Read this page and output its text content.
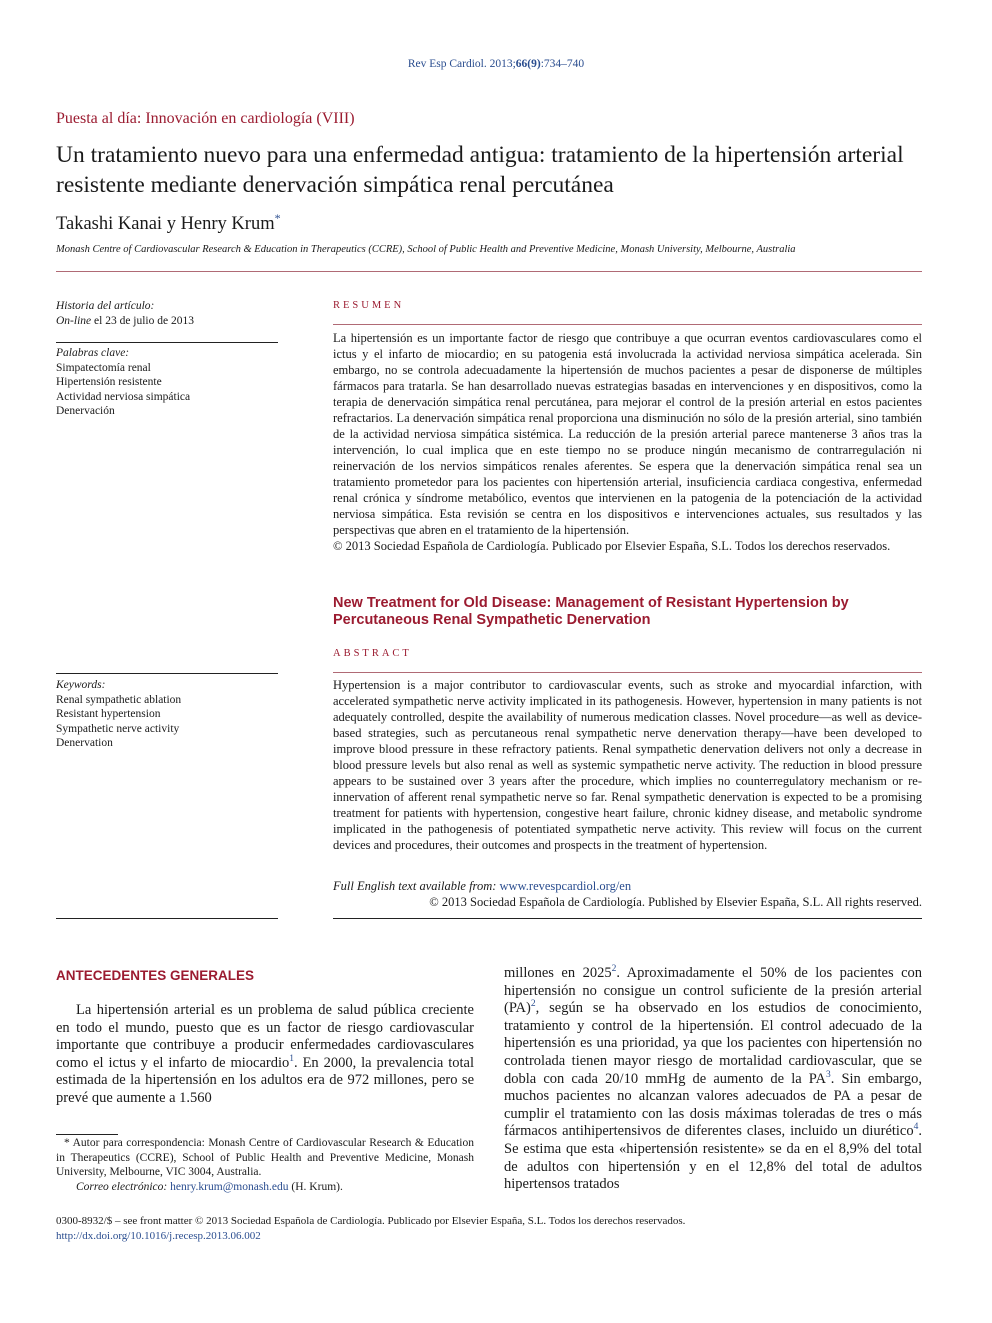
Rev Esp Cardiol. 2013;66(9):734–740
Puesta al día: Innovación en cardiología (VIII)
Un tratamiento nuevo para una enfermedad antigua: tratamiento de la hipertensión arterial resistente mediante denervación simpática renal percutánea
Takashi Kanai y Henry Krum*
Monash Centre of Cardiovascular Research & Education in Therapeutics (CCRE), School of Public Health and Preventive Medicine, Monash University, Melbourne, Australia
Historia del artículo:
On-line el 23 de julio de 2013
Palabras clave:
Simpatectomía renal
Hipertensión resistente
Actividad nerviosa simpática
Denervación
Keywords:
Renal sympathetic ablation
Resistant hypertension
Sympathetic nerve activity
Denervation
RESUMEN
La hipertensión es un importante factor de riesgo que contribuye a que ocurran eventos cardiovasculares como el ictus y el infarto de miocardio; en su patogenia está involucrada la actividad nerviosa simpática acelerada. Sin embargo, no se controla adecuadamente la hipertensión de muchos pacientes a pesar de disponerse de múltiples fármacos para tratarla. Se han desarrollado nuevas estrategias basadas en intervenciones y en dispositivos, como la terapia de denervación simpática renal percutánea, para mejorar el control de la presión arterial en estos pacientes refractarios. La denervación simpática renal proporciona una disminución no sólo de la presión arterial, sino también de la actividad nerviosa simpática sistémica. La reducción de la presión arterial parece mantenerse 3 años tras la intervención, lo cual implica que en este tiempo no se produce ningún mecanismo de contrarregulación ni reinervación de los nervios simpáticos renales aferentes. Se espera que la denervación simpática renal sea un tratamiento prometedor para los pacientes con hipertensión arterial, insuficiencia cardiaca congestiva, enfermedad renal crónica y síndrome metabólico, eventos que intervienen en la patogenia de la potenciación de la actividad nerviosa simpática. Esta revisión se centra en los dispositivos e intervenciones actuales, sus resultados y las perspectivas que abren en el tratamiento de la hipertensión.
© 2013 Sociedad Española de Cardiología. Publicado por Elsevier España, S.L. Todos los derechos reservados.
New Treatment for Old Disease: Management of Resistant Hypertension by Percutaneous Renal Sympathetic Denervation
ABSTRACT
Hypertension is a major contributor to cardiovascular events, such as stroke and myocardial infarction, with accelerated sympathetic nerve activity implicated in its pathogenesis. However, hypertension in many patients is not adequately controlled, despite the availability of numerous medication classes. Novel procedure—as well as device-based strategies, such as percutaneous renal sympathetic nerve denervation therapy—have been developed to improve blood pressure in these refractory patients. Renal sympathetic denervation delivers not only a decrease in blood pressure levels but also renal as well as systemic sympathetic nerve activity. The reduction in blood pressure appears to be sustained over 3 years after the procedure, which implies no counterregulatory mechanism or re-innervation of afferent renal sympathetic nerve so far. Renal sympathetic denervation is expected to be a promising treatment for patients with hypertension, congestive heart failure, chronic kidney disease, and metabolic syndrome implicated in the pathogenesis of potentiated sympathetic nerve activity. This review will focus on the current devices and procedures, their outcomes and prospects in the treatment of hypertension.
Full English text available from: www.revespcardiol.org/en
© 2013 Sociedad Española de Cardiología. Published by Elsevier España, S.L. All rights reserved.
ANTECEDENTES GENERALES

La hipertensión arterial es un problema de salud pública creciente en todo el mundo, puesto que es un factor de riesgo cardiovascular importante que contribuye a producir enfermedades cardiovasculares como el ictus y el infarto de miocardio$^1$. En 2000, la prevalencia total estimada de la hipertensión en los adultos era de 972 millones, pero se prevé que aumente a 1.560

millones en 2025$^2$. Aproximadamente el 50% de los pacientes con hipertensión no consigue un control suficiente de la presión arterial (PA)$^2$, según se ha observado en los estudios de conocimiento, tratamiento y control de la hipertensión. El control adecuado de la hipertensión es una prioridad, ya que los pacientes con hipertensión no controlada tienen mayor riesgo de mortalidad cardiovascular, que se dobla con cada 20/10 mmHg de aumento de la $PA^3$. Sin embargo, muchos pacientes no alcanzan valores adecuados de PA a pesar de cumplir el tratamiento con las dosis máximas toleradas de tres o más fármacos antihipertensivos de diferentes clases, incluido un diurético$^4$. Se estima que esta «hipertensión resistente» se da en el 8,9% del total de adultos con hipertensión y en el 12,8% del total de adultos hipertensos tratados

* Autor para correspondencia: Monash Centre of Cardiovascular Research & Education in Therapeutics (CCRE), School of Public Health and Preventive Medicine, Monash University, Melbourne, VIC 3004, Australia.
Correo electrónico: henry.krum@monash.edu (H. Krum).
0300-8932/$ – see front matter © 2013 Sociedad Española de Cardiología. Publicado por Elsevier España, S.L. Todos los derechos reservados.
http://dx.doi.org/10.1016/j.recesp.2013.06.002
